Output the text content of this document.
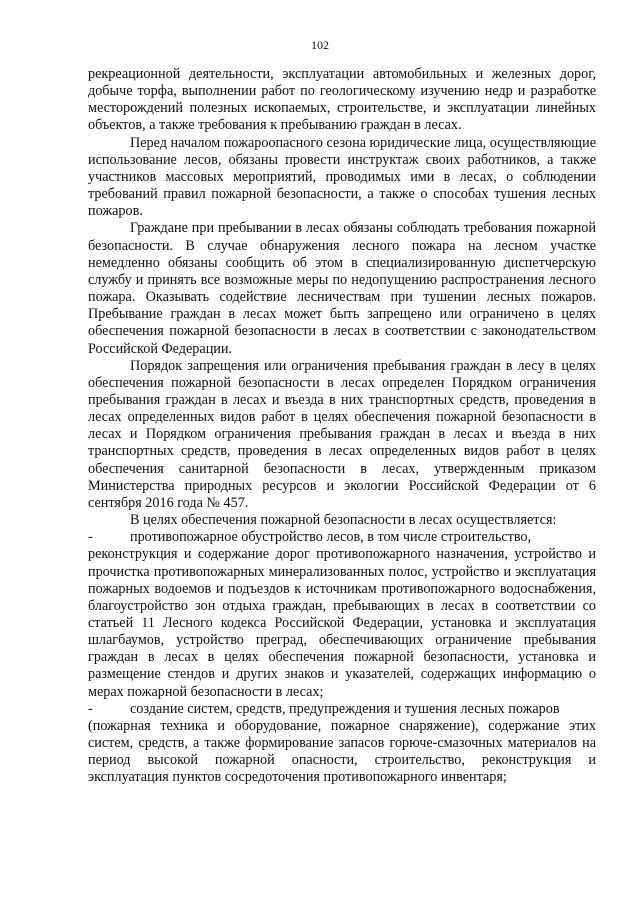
102

рекреационной деятельности, эксплуатации автомобильных и железных дорог, добыче торфа, выполнении работ по геологическому изучению недр и разработке месторождений полезных ископаемых, строительстве, и эксплуатации линейных объектов, а также требования к пребыванию граждан в лесах.

Перед началом пожароопасного сезона юридические лица, осуществляющие использование лесов, обязаны провести инструктаж своих работников, а также участников массовых мероприятий, проводимых ими в лесах, о соблюдении требований правил пожарной безопасности, а также о способах тушения лесных пожаров.

Граждане при пребывании в лесах обязаны соблюдать требования пожарной безопасности. В случае обнаружения лесного пожара на лесном участке немедленно обязаны сообщить об этом в специализированную диспетчерскую службу и принять все возможные меры по недопущению распространения лесного пожара. Оказывать содействие лесничествам при тушении лесных пожаров. Пребывание граждан в лесах может быть запрещено или ограничено в целях обеспечения пожарной безопасности в лесах в соответствии с законодательством Российской Федерации.

Порядок запрещения или ограничения пребывания граждан в лесу в целях обеспечения пожарной безопасности в лесах определен Порядком ограничения пребывания граждан в лесах и въезда в них транспортных средств, проведения в лесах определенных видов работ в целях обеспечения пожарной безопасности в лесах и Порядком ограничения пребывания граждан в лесах и въезда в них транспортных средств, проведения в лесах определенных видов работ в целях обеспечения санитарной безопасности в лесах, утвержденным приказом Министерства природных ресурсов и экологии Российской Федерации от 6 сентября 2016 года № 457.

В целях обеспечения пожарной безопасности в лесах осуществляется:

-	противопожарное обустройство лесов, в том числе строительство,

реконструкция и содержание дорог противопожарного назначения, устройство и прочистка противопожарных минерализованных полос, устройство и эксплуатация пожарных водоемов и подъездов к источникам противопожарного водоснабжения, благоустройство зон отдыха граждан, пребывающих в лесах в соответствии со статьей 11 Лесного кодекса Российской Федерации, установка и эксплуатация шлагбаумов, устройство преград, обеспечивающих ограничение пребывания граждан в лесах в целях обеспечения пожарной безопасности, установка и размещение стендов и других знаков и указателей, содержащих информацию о мерах пожарной безопасности в лесах;

-	создание систем, средств, предупреждения и тушения лесных пожаров

(пожарная техника и оборудование, пожарное снаряжение), содержание этих систем, средств, а также формирование запасов горюче-смазочных материалов на период высокой пожарной опасности, строительство, реконструкция и эксплуатация пунктов сосредоточения противопожарного инвентаря;
